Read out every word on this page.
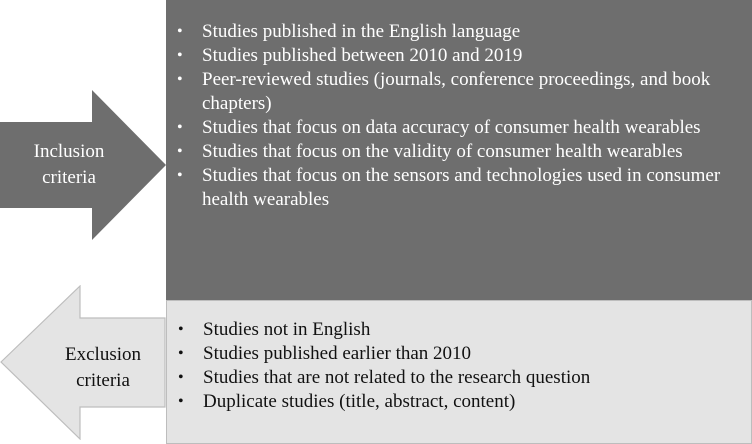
Inclusion
criteria
Exclusion
criteria
•	Studies published in the English language
•	Studies published between 2010 and 2019
•	Peer-reviewed studies (journals, conference proceedings, and book chapters)
•	Studies that focus on data accuracy of consumer health wearables
•	Studies that focus on the validity of consumer health wearables
•	Studies that focus on the sensors and technologies used in consumer health wearables
•	Studies not in English
•	Studies published earlier than 2010
•	Studies that are not related to the research question
•	Duplicate studies (title, abstract, content)
